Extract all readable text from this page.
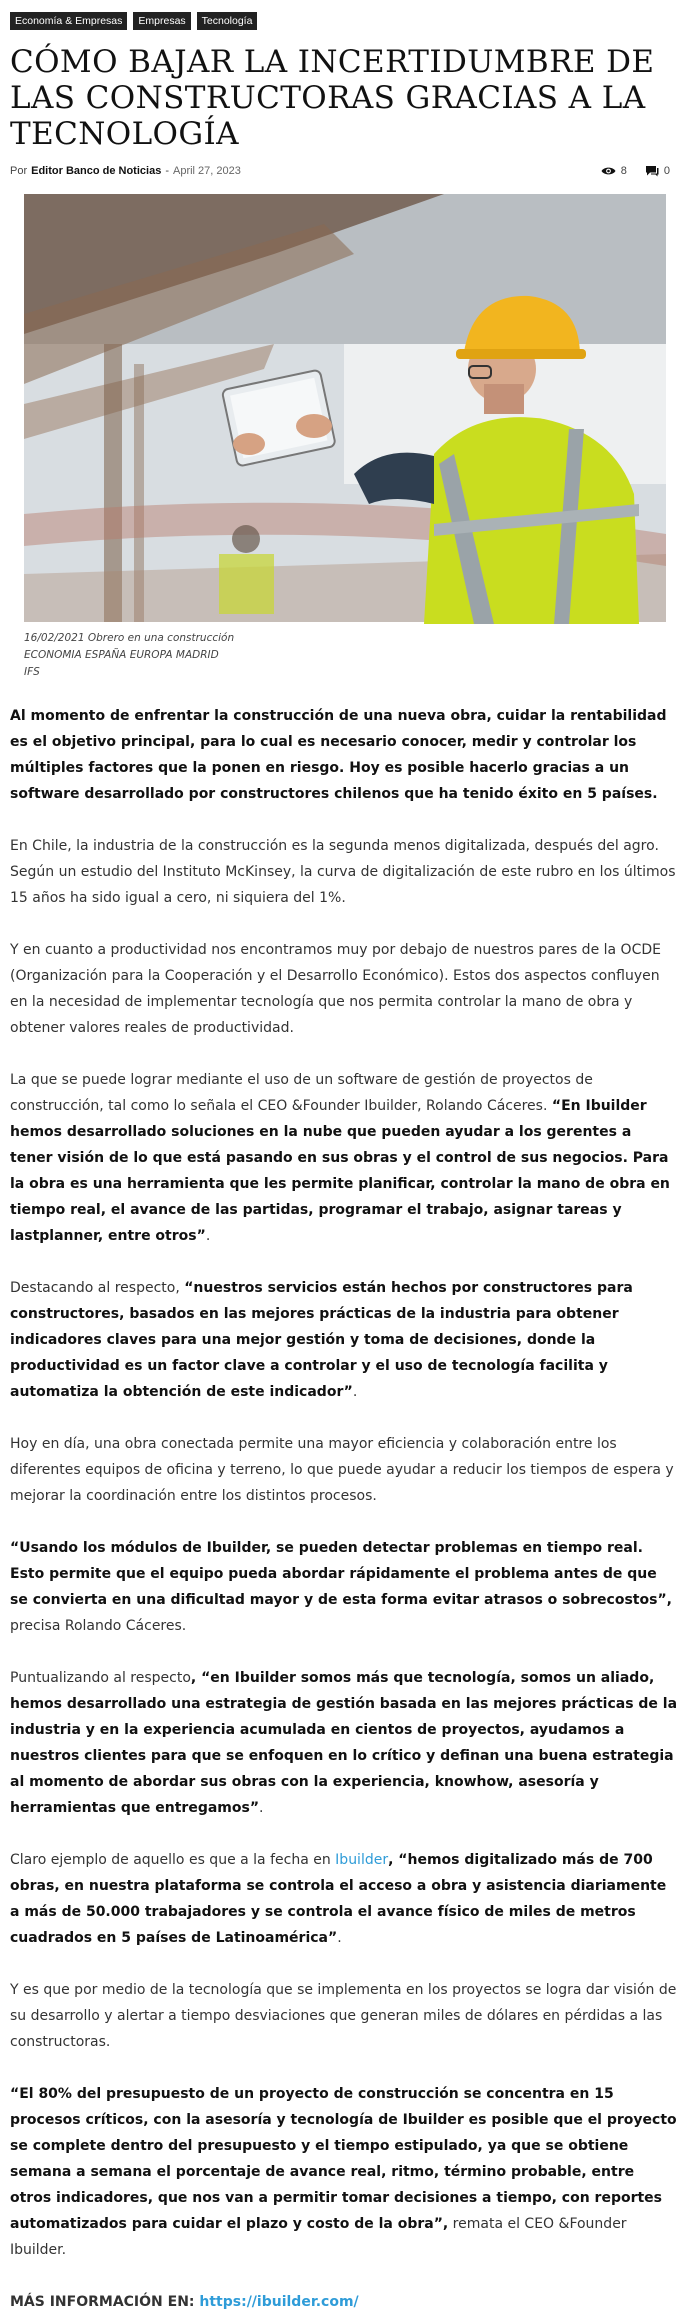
Economía & Empresas	Empresas	Tecnología
CÓMO BAJAR LA INCERTIDUMBRE DE LAS CONSTRUCTORAS GRACIAS A LA TECNOLOGÍA
Por Editor Banco de Noticias - April 27, 2023	8	0
16/02/2021 Obrero en una construcción
ECONOMIA ESPAÑA EUROPA MADRID
IFS

Al momento de enfrentar la construcción de una nueva obra, cuidar la rentabilidad es el objetivo principal, para lo cual es necesario conocer, medir y controlar los múltiples factores que la ponen en riesgo. Hoy es posible hacerlo gracias a un software desarrollado por constructores chilenos que ha tenido éxito en 5 países.

En Chile, la industria de la construcción es la segunda menos digitalizada, después del agro. Según un estudio del Instituto McKinsey, la curva de digitalización de este rubro en los últimos 15 años ha sido igual a cero, ni siquiera del 1%.

Y en cuanto a productividad nos encontramos muy por debajo de nuestros pares de la OCDE (Organización para la Cooperación y el Desarrollo Económico). Estos dos aspectos confluyen en la necesidad de implementar tecnología que nos permita controlar la mano de obra y obtener valores reales de productividad.

La que se puede lograr mediante el uso de un software de gestión de proyectos de construcción, tal como lo señala el CEO &Founder Ibuilder, Rolando Cáceres. “En Ibuilder hemos desarrollado soluciones en la nube que pueden ayudar a los gerentes a tener visión de lo que está pasando en sus obras y el control de sus negocios. Para la obra es una herramienta que les permite planificar, controlar la mano de obra en tiempo real, el avance de las partidas, programar el trabajo, asignar tareas y lastplanner, entre otros”.

Destacando al respecto, “nuestros servicios están hechos por constructores para constructores, basados en las mejores prácticas de la industria para obtener indicadores claves para una mejor gestión y toma de decisiones, donde la productividad es un factor clave a controlar y el uso de tecnología facilita y automatiza la obtención de este indicador”.

Hoy en día, una obra conectada permite una mayor eficiencia y colaboración entre los diferentes equipos de oficina y terreno, lo que puede ayudar a reducir los tiempos de espera y mejorar la coordinación entre los distintos procesos.

“Usando los módulos de Ibuilder, se pueden detectar problemas en tiempo real. Esto permite que el equipo pueda abordar rápidamente el problema antes de que se convierta en una dificultad mayor y de esta forma evitar atrasos o sobrecostos”, precisa Rolando Cáceres.

Puntualizando al respecto, “en Ibuilder somos más que tecnología, somos un aliado, hemos desarrollado una estrategia de gestión basada en las mejores prácticas de la industria y en la experiencia acumulada en cientos de proyectos, ayudamos a nuestros clientes para que se enfoquen en lo crítico y definan una buena estrategia al momento de abordar sus obras con la experiencia, knowhow, asesoría y herramientas que entregamos”.

Claro ejemplo de aquello es que a la fecha en Ibuilder, “hemos digitalizado más de 700 obras, en nuestra plataforma se controla el acceso a obra y asistencia diariamente a más de 50.000 trabajadores y se controla el avance físico de miles de metros cuadrados en 5 países de Latinoamérica”.

Y es que por medio de la tecnología que se implementa en los proyectos se logra dar visión de su desarrollo y alertar a tiempo desviaciones que generan miles de dólares en pérdidas a las constructoras.

“El 80% del presupuesto de un proyecto de construcción se concentra en 15 procesos críticos, con la asesoría y tecnología de Ibuilder es posible que el proyecto se complete dentro del presupuesto y el tiempo estipulado, ya que se obtiene semana a semana el porcentaje de avance real, ritmo, término probable, entre otros indicadores, que nos van a permitir tomar decisiones a tiempo, con reportes automatizados para cuidar el plazo y costo de la obra”, remata el CEO &Founder Ibuilder.

MÁS INFORMACIÓN EN: https://ibuilder.com/
